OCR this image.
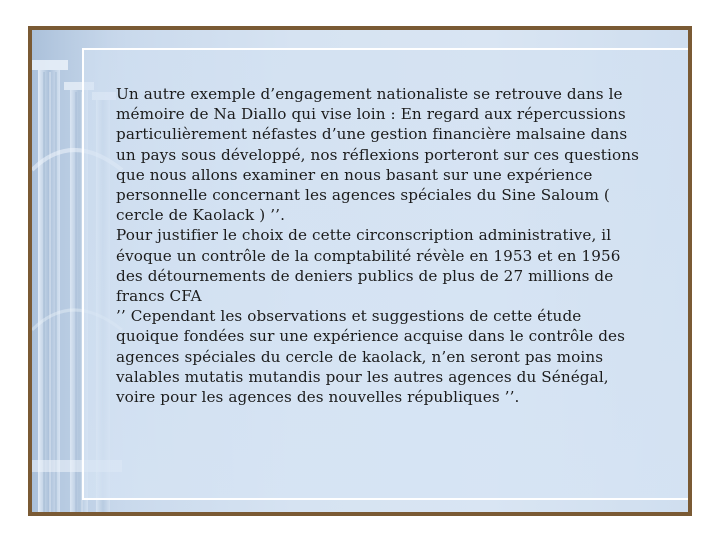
Un autre exemple d’engagement nationaliste se retrouve dans le mémoire de Na Diallo qui vise loin : En regard aux répercussions particulièrement néfastes d’une gestion financière malsaine dans un pays sous développé, nos réflexions porteront sur ces questions que nous allons examiner en nous basant sur une expérience personnelle concernant les agences spéciales du Sine Saloum ( cercle de Kaolack ) ’’.

Pour justifier le choix de cette circonscription administrative, il évoque un contrôle de la comptabilité révèle en 1953 et en 1956 des détournements de deniers publics de plus de 27 millions de francs CFA

’’ Cependant les observations et suggestions de cette étude quoique fondées sur une expérience acquise dans le contrôle des agences spéciales du cercle de kaolack, n’en seront pas moins valables mutatis mutandis pour les autres agences du Sénégal, voire pour les agences des nouvelles républiques ’’.
